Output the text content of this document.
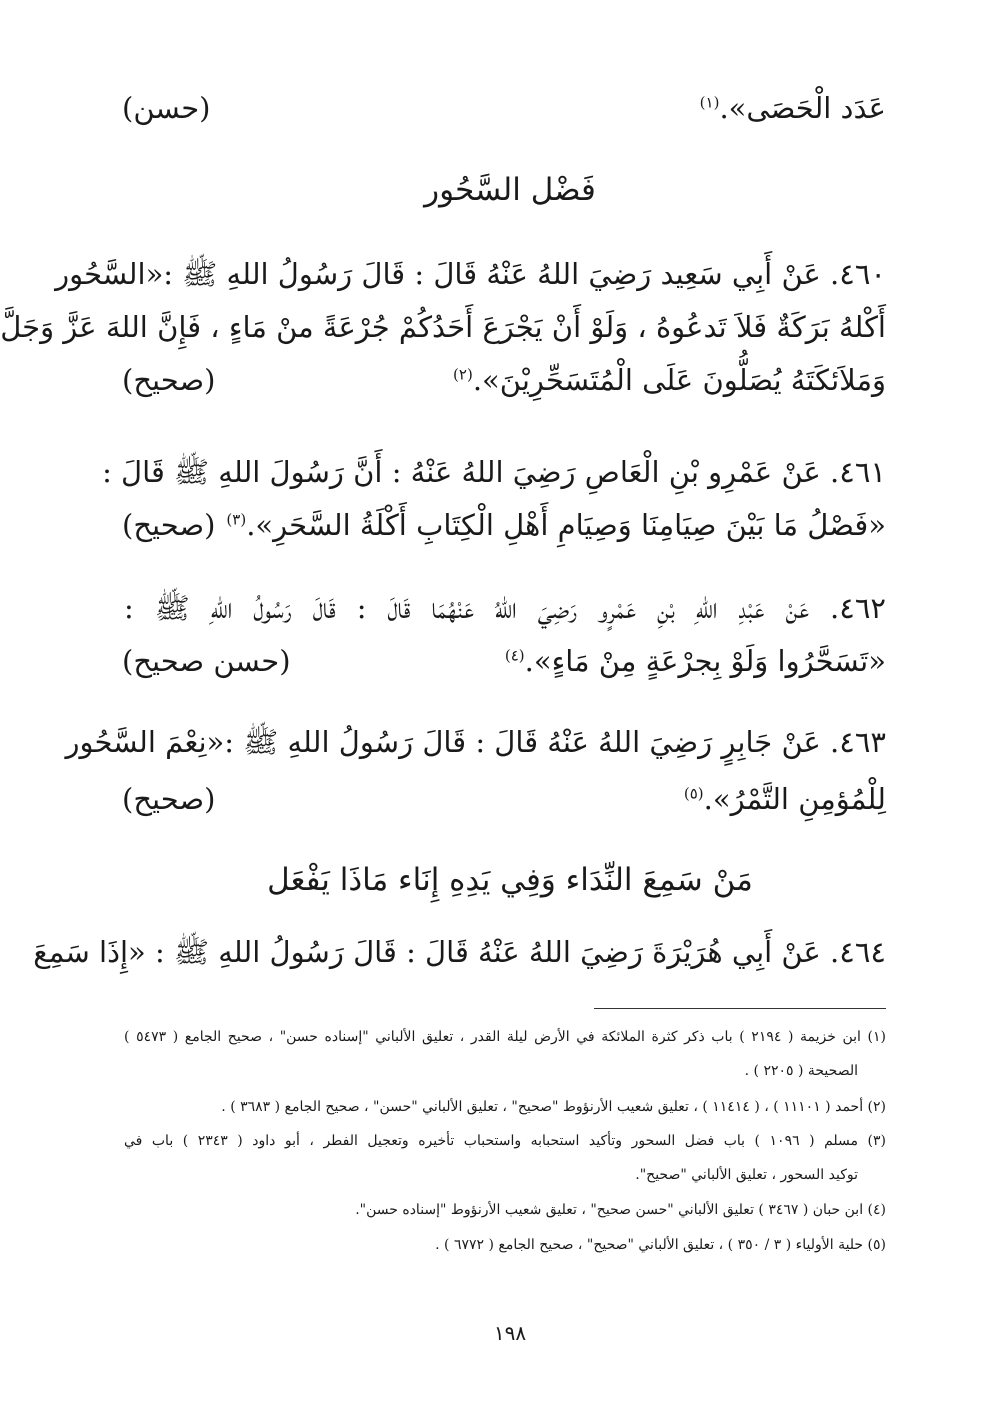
عَدَد الْحَصَى».$^{(١)}$
(حسن)
فَضْل السَّحُور
٤٦٠. عَنْ أَبِي سَعِيد رَضِيَ اللهُ عَنْهُ قَالَ : قَالَ رَسُولُ اللهِ ﷺ :«السَّحُور
أَكْلهُ بَرَكَةٌ فَلاَ تَدعُوهُ ، وَلَوْ أَنْ يَجْرَعَ أَحَدُكُمْ جُرْعَةً منْ مَاءٍ ، فَإِنَّ اللهَ عَزَّ وَجَلَّ
وَمَلاَئكَتَهُ يُصَلُّونَ عَلَى الْمُتَسَحِّرِيْنَ».$^{(٢)}$
(صحيح)
٤٦١. عَنْ عَمْرِو بْنِ الْعَاصِ رَضِيَ اللهُ عَنْهُ : أَنَّ رَسُولَ اللهِ ﷺ قَالَ :
«فَصْلُ مَا بَيْنَ صِيَامِنَا وَصِيَامِ أَهْلِ الْكِتَابِ أَكْلَةُ السَّحَرِ».$^{(٣)}$
(صحيح)
٤٦٢. عَنْ عَبْدِ اللهِ بْنِ عَمْرٍو رَضِيَ اللهُ عَنْهُمَا قَالَ : قَالَ رَسُولُ اللهِ ﷺ :
«تَسَحَّرُوا وَلَوْ بِجرْعَةٍ مِنْ مَاءٍ».$^{(٤)}$
(حسن صحيح)
٤٦٣. عَنْ جَابِرٍ رَضِيَ اللهُ عَنْهُ قَالَ : قَالَ رَسُولُ اللهِ ﷺ :«نِعْمَ السَّحُور
لِلْمُؤمِنِ التَّمْرُ».$^{(٥)}$
(صحيح)
مَنْ سَمِعَ النِّدَاء وَفِي يَدِهِ إِنَاء مَاذَا يَفْعَل
٤٦٤. عَنْ أَبِي هُرَيْرَةَ رَضِيَ اللهُ عَنْهُ قَالَ : قَالَ رَسُولُ اللهِ ﷺ : «إِذَا سَمِعَ
(١) ابن خزيمة ( ٢١٩٤ ) باب ذكر كثرة الملائكة في الأرض ليلة القدر ، تعليق الألباني "إسناده حسن" ، صحيح الجامع ( ٥٤٧٣ )
الصحيحة ( ٢٢٠٥ ) .
(٢) أحمد ( ١١١٠١ ) ، ( ١١٤١٤ ) ، تعليق شعيب الأرنؤوط "صحيح" ، تعليق الألباني "حسن" ، صحيح الجامع ( ٣٦٨٣ ) .
(٣) مسلم ( ١٠٩٦ ) باب فضل السحور وتأكيد استحبابه واستحباب تأخيره وتعجيل الفطر ، أبو داود ( ٢٣٤٣ ) باب في
توكيد السحور ، تعليق الألباني "صحيح".
(٤) ابن حبان ( ٣٤٦٧ ) تعليق الألباني "حسن صحيح" ، تعليق شعيب الأرنؤوط "إسناده حسن".
(٥) حلية الأولياء ( ٣ / ٣٥٠ ) ، تعليق الألباني "صحيح" ، صحيح الجامع ( ٦٧٧٢ ) .
١٩٨
